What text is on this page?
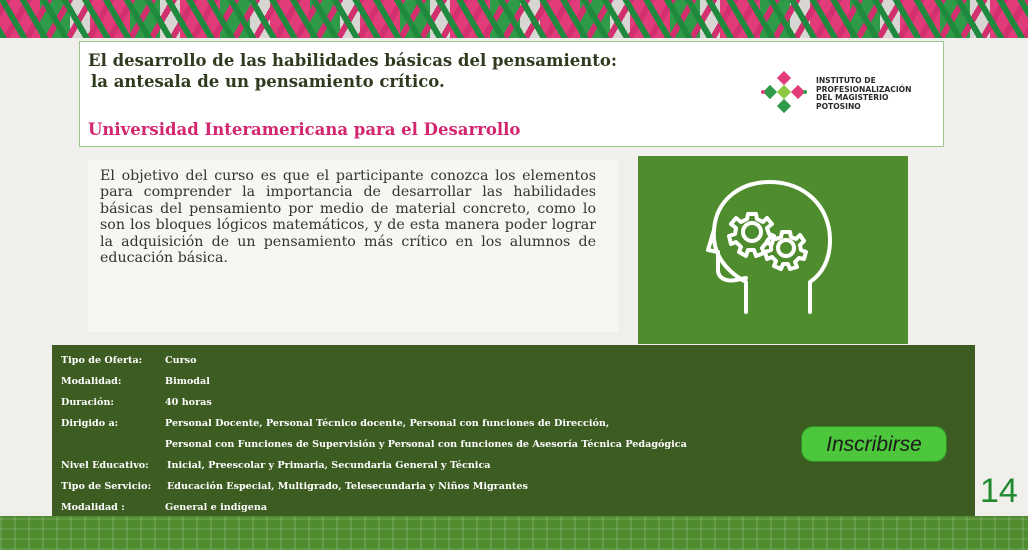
El desarrollo de las habilidades básicas del pensamiento:
la antesala de un pensamiento crítico.
Universidad Interamericana para el Desarrollo
INSTITUTO DE
PROFESIONALIZACIÓN
DEL MAGISTERIO
POTOSINO

El objetivo del curso es que el participante conozca los elementos para comprender la importancia de desarrollar las habilidades básicas del pensamiento por medio de material concreto, como lo son los bloques lógicos matemáticos, y de esta manera poder lograr la adquisición de un pensamiento más crítico en los alumnos de educación básica.

Tipo de Oferta: Curso
Modalidad:	Bimodal
Duración:	40 horas
Dirigido a:	Personal Docente, Personal Técnico docente, Personal con funciones de Dirección,
Personal con Funciones de Supervisión y Personal con funciones de Asesoría Técnica Pedagógica
Nivel Educativo: Inicial, Preescolar y Primaria, Secundaria General y Técnica
Tipo de Servicio: Educación Especial, Multigrado, Telesecundaria y Niños Migrantes
Modalidad :	General e indígena
Inscribirse
14
